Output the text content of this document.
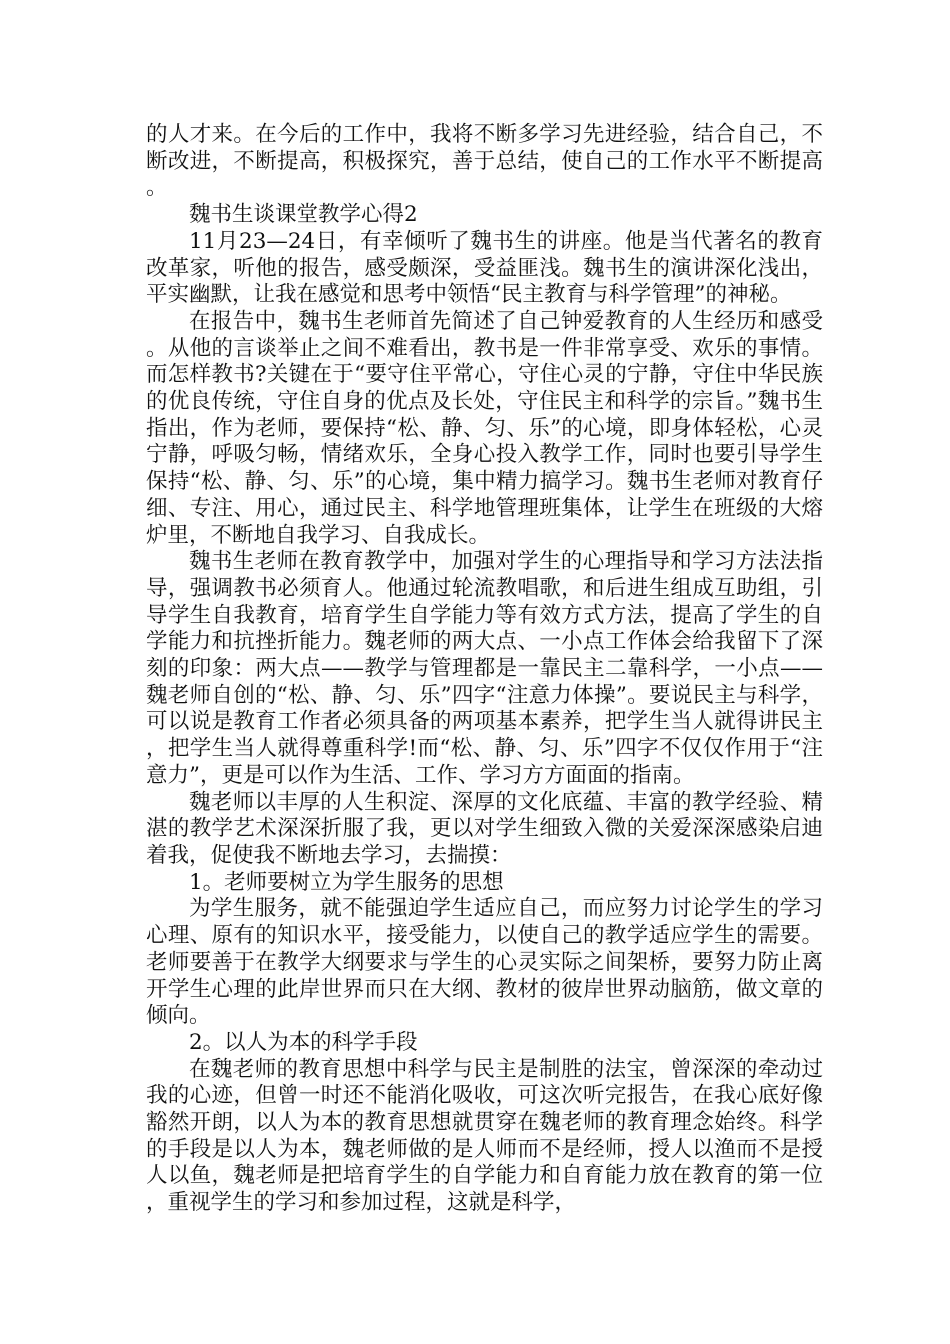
的人才来。在今后的工作中，我将不断多学习先进经验，结合自己，不断改进，不断提高，积极探究，善于总结，使自己的工作水平不断提高。

魏书生谈课堂教学心得2

11月23—24日，有幸倾听了魏书生的讲座。他是当代著名的教育改革家，听他的报告，感受颇深，受益匪浅。魏书生的演讲深化浅出，平实幽默，让我在感觉和思考中领悟“民主教育与科学管理”的神秘。

在报告中，魏书生老师首先简述了自己钟爱教育的人生经历和感受。从他的言谈举止之间不难看出，教书是一件非常享受、欢乐的事情。而怎样教书?关键在于“要守住平常心，守住心灵的宁静，守住中华民族的优良传统，守住自身的优点及长处，守住民主和科学的宗旨。”魏书生指出，作为老师，要保持“松、静、匀、乐”的心境，即身体轻松，心灵宁静，呼吸匀畅，情绪欢乐，全身心投入教学工作，同时也要引导学生保持“松、静、匀、乐”的心境，集中精力搞学习。魏书生老师对教育仔细、专注、用心，通过民主、科学地管理班集体，让学生在班级的大熔炉里，不断地自我学习、自我成长。

魏书生老师在教育教学中，加强对学生的心理指导和学习方法法指导，强调教书必须育人。他通过轮流教唱歌，和后进生组成互助组，引导学生自我教育，培育学生自学能力等有效方式方法，提高了学生的自学能力和抗挫折能力。魏老师的两大点、一小点工作体会给我留下了深刻的印象：两大点——教学与管理都是一靠民主二靠科学，一小点——魏老师自创的“松、静、匀、乐”四字“注意力体操”。要说民主与科学，可以说是教育工作者必须具备的两项基本素养，把学生当人就得讲民主，把学生当人就得尊重科学!而“松、静、匀、乐”四字不仅仅作用于“注意力”，更是可以作为生活、工作、学习方方面面的指南。

魏老师以丰厚的人生积淀、深厚的文化底蕴、丰富的教学经验、精湛的教学艺术深深折服了我，更以对学生细致入微的关爱深深感染启迪着我，促使我不断地去学习，去揣摸：

1。老师要树立为学生服务的思想

为学生服务，就不能强迫学生适应自己，而应努力讨论学生的学习心理、原有的知识水平，接受能力，以使自己的教学适应学生的需要。老师要善于在教学大纲要求与学生的心灵实际之间架桥，要努力防止离开学生心理的此岸世界而只在大纲、教材的彼岸世界动脑筋，做文章的倾向。

2。以人为本的科学手段

在魏老师的教育思想中科学与民主是制胜的法宝，曾深深的牵动过我的心迹，但曾一时还不能消化吸收，可这次听完报告，在我心底好像豁然开朗，以人为本的教育思想就贯穿在魏老师的教育理念始终。科学的手段是以人为本，魏老师做的是人师而不是经师，授人以渔而不是授人以鱼，魏老师是把培育学生的自学能力和自育能力放在教育的第一位，重视学生的学习和参加过程，这就是科学，
